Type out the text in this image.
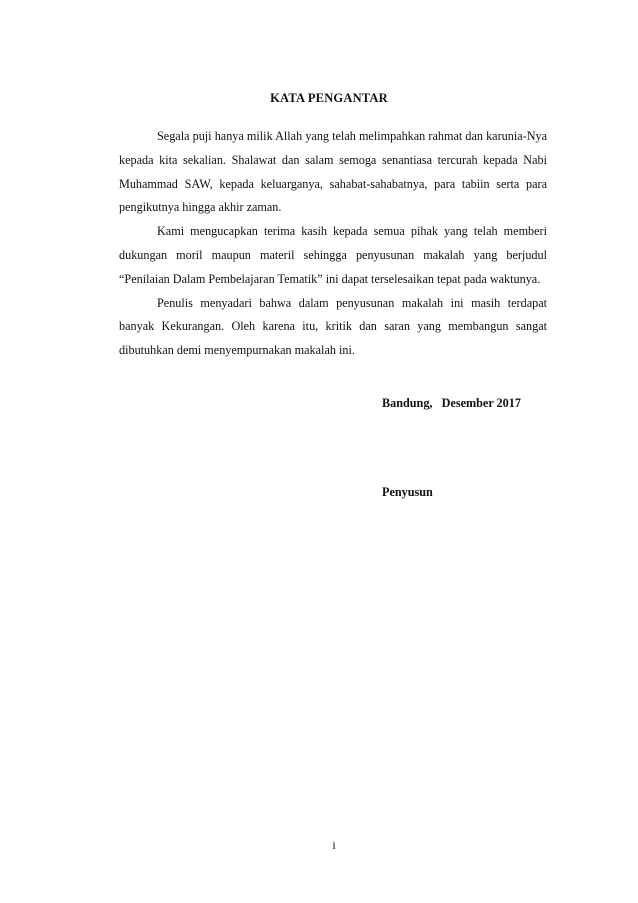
KATA PENGANTAR

Segala puji hanya milik Allah yang telah melimpahkan rahmat dan karunia-Nya kepada kita sekalian. Shalawat dan salam semoga senantiasa tercurah kepada Nabi Muhammad SAW, kepada keluarganya, sahabat-sahabatnya, para tabiin serta para pengikutnya hingga akhir zaman.

Kami mengucapkan terima kasih kepada semua pihak yang telah memberi dukungan moril maupun materil sehingga penyusunan makalah yang berjudul “Penilaian Dalam Pembelajaran Tematik” ini dapat terselesaikan tepat pada waktunya.

Penulis menyadari bahwa dalam penyusunan makalah ini masih terdapat banyak Kekurangan. Oleh karena itu, kritik dan saran yang membangun sangat dibutuhkan demi menyempurnakan makalah ini.

Bandung,   Desember 2017

Penyusun

i
